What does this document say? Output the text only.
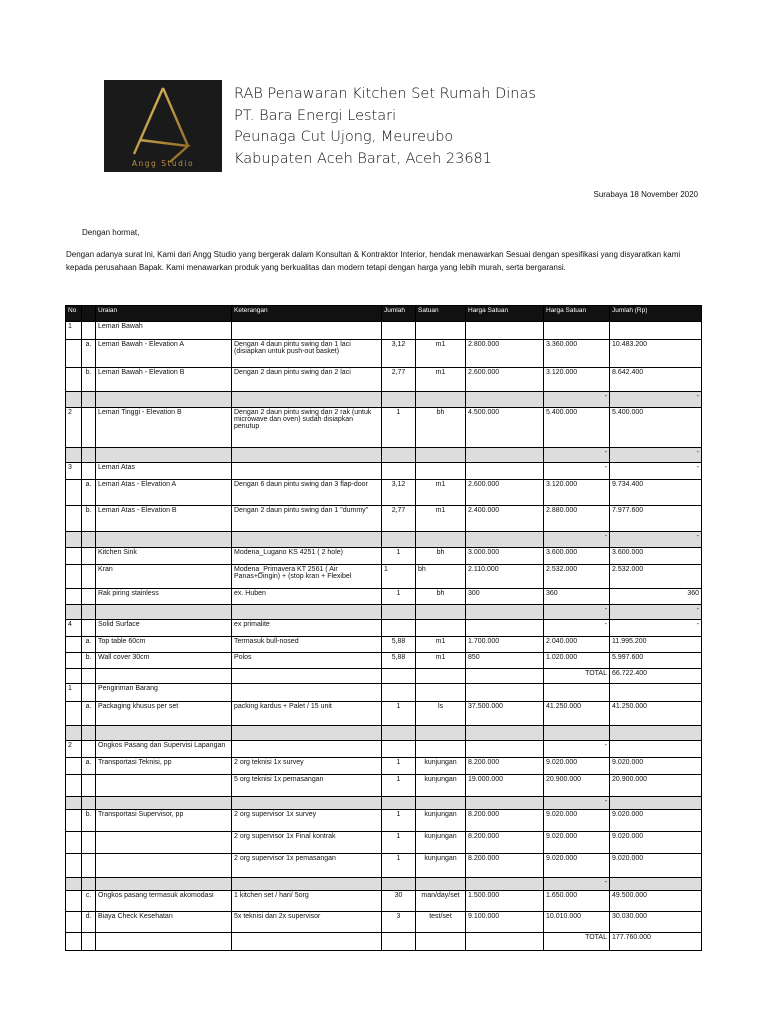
Angg Studio
RAB Penawaran Kitchen Set Rumah Dinas
PT. Bara Energi Lestari
Peunaga Cut Ujong, Meureubo
Kabupaten Aceh Barat, Aceh 23681
Surabaya 18 November 2020
Dengan hormat,
Dengan adanya surat ini, Kami dari Angg Studio yang bergerak dalam Konsultan & Kontraktor Interior, hendak menawarkan Sesuai dengan spesifikasi yang disyaratkan kami kepada perusahaan Bapak. Kami menawarkan produk yang berkualitas dan modern tetapi dengan harga yang lebih murah, serta bergaransi.
No		Uraian	Keterangan	Jumlah	Satuan	Harga Satuan	Harga Satuan	Jumlah (Rp)
1		Lemari Bawah						
	a.	Lemari Bawah - Elevation A	Dengan 4 daun pintu swing dan 1 laci (disiapkan untuk push-out basket)	3,12	m1	2.800.000	3.360.000	10.483.200
	b.	Lemari Bawah - Elevation B	Dengan 2 daun pintu swing dan 2 laci	2,77	m1	2.600.000	3.120.000	8.642.400
							-	-
2		Lemari Tinggi - Elevation B	Dengan 2 daun pintu swing dan 2 rak (untuk microwave dan oven) sudah disiapkan penutup	1	bh	4.500.000	5.400.000	5.400.000
							-	-
3		Lemari Atas					-	-
	a.	Lemari Atas - Elevation A	Dengan 6 daun pintu swing dan 3 flap-door	3,12	m1	2.600.000	3.120.000	9.734.400
	b.	Lemari Atas - Elevation B	Dengan 2 daun pintu swing dan 1 "dummy"	2,77	m1	2.400.000	2.880.000	7.977.600
							-	-
		Kitchen Sink	Modena_Lugano KS 4251 ( 2 hole)	1	bh	3.000.000	3.600.000	3.600.000
		Kran	Modena_Primavera KT 2561 ( Air Panas+Dingin) + (stop kran + Flexibel	1	bh	2.110.000	2.532.000	2.532.000
		Rak piring stainless	ex. Huben	1	bh	300	360	360
							-	-
4		Solid Surface	ex primalite				-	-
	a.	Top table 60cm	Termasuk bull-nosed	5,88	m1	1.700.000	2.040.000	11.995.200
	b.	Wall cover 30cm	Polos	5,88	m1	850	1.020.000	5.997.600
							TOTAL	66.722.400
1		Pengiriman Barang						
	a.	Packaging khusus per set	packing kardus + Palet / 15 unit	1	ls	37.500.000	41.250.000	41.250.000

2		Ongkos Pasang dan Supervisi Lapangan					-	
	a.	Transportasi Teknisi, pp	2 org teknisi 1x survey	1	kunjungan	8.200.000	9.020.000	9.020.000
			5 org teknisi 1x pemasangan	1	kunjungan	19.000.000	20.900.000	20.900.000
							-	
	b.	Transportasi Supervisor, pp	2 org supervisor 1x survey	1	kunjungan	8.200.000	9.020.000	9.020.000
			2 org supervisor 1x Final kontrak	1	kunjungan	8.200.000	9.020.000	9.020.000
			2 org supervisor 1x pemasangan	1	kunjungan	8.200.000	9.020.000	9.020.000
							-	
	c.	Ongkos pasang termasuk akomodasi	1 kitchen set / hari/ 5org	30	man/day/set	1.500.000	1.650.000	49.500.000
	d.	Biaya Check Kesehatan	5x teknisi dan 2x supervisor	3	test/set	9.100.000	10.010.000	30.030.000
							TOTAL	177.760.000
